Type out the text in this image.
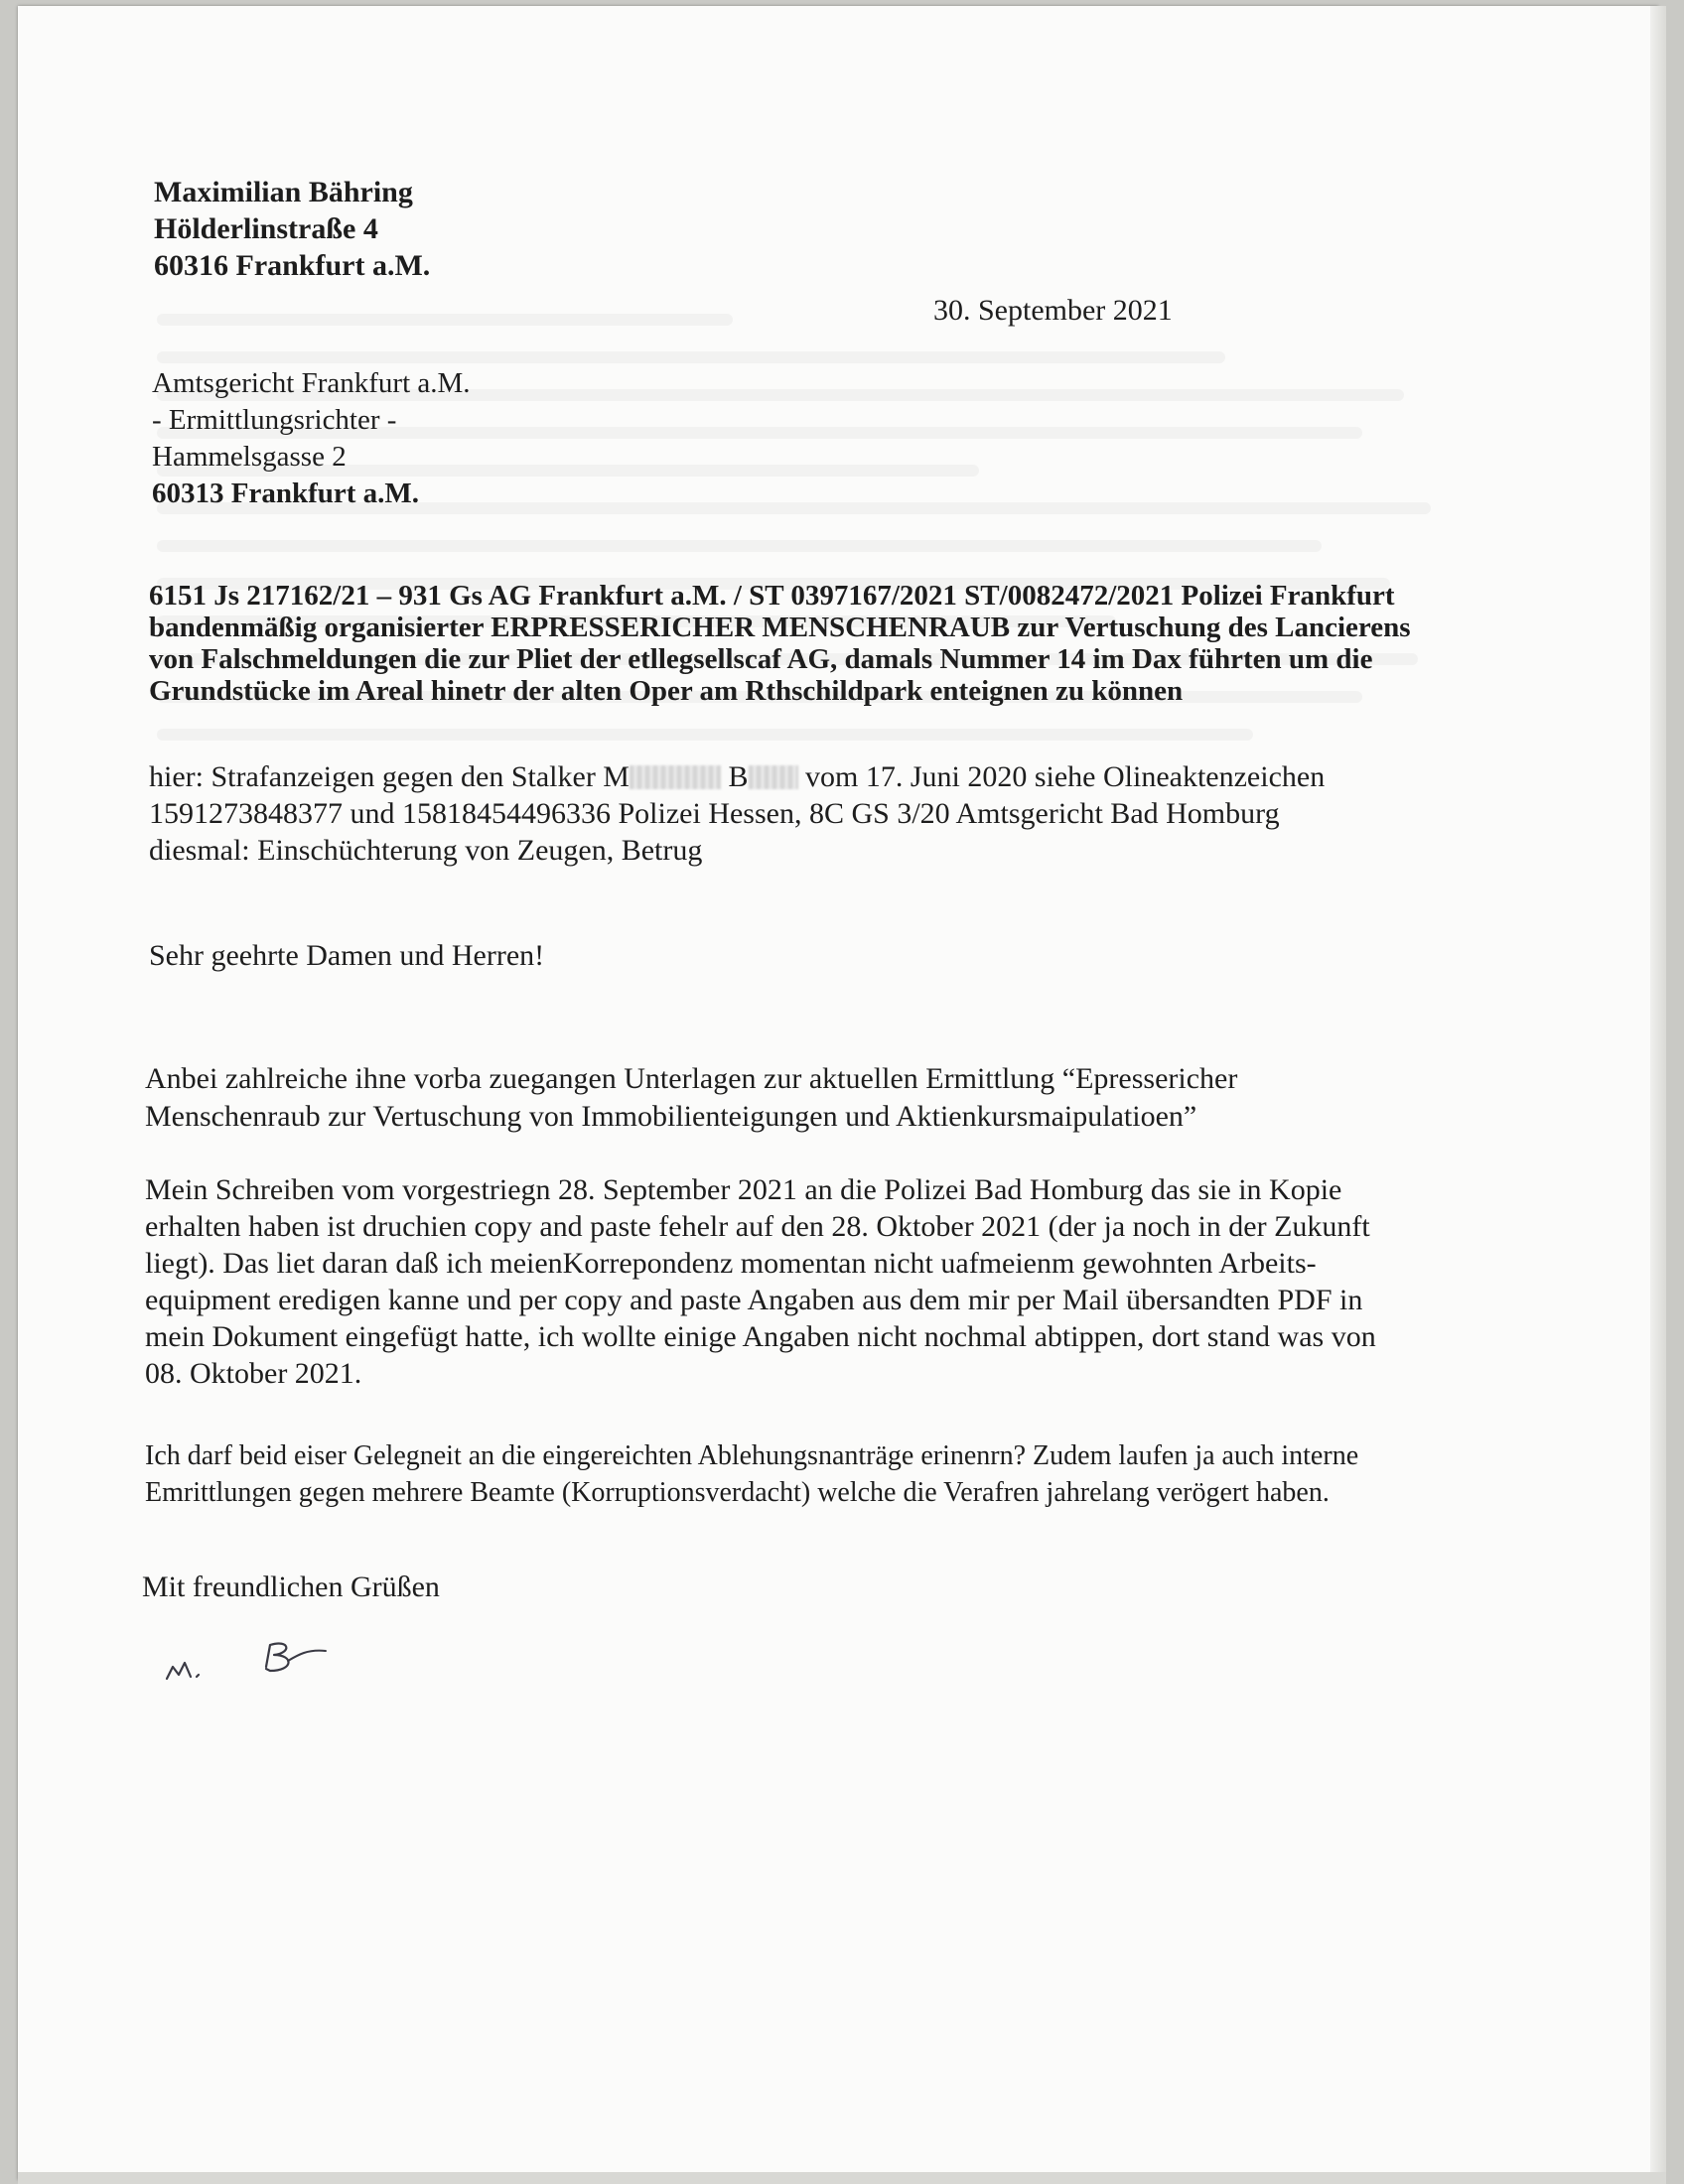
Maximilian Bähring
Hölderlinstraße 4
60316 Frankfurt a.M.
30. September 2021
Amtsgericht Frankfurt a.M.
- Ermittlungsrichter -
Hammelsgasse 2
60313 Frankfurt a.M.
6151 Js 217162/21 – 931 Gs AG Frankfurt a.M. / ST 0397167/2021 ST/0082472/2021 Polizei Frankfurt
bandenmäßig organisierter ERPRESSERICHER MENSCHENRAUB zur Vertuschung des Lancierens
von Falschmeldungen die zur Pliet der etllegsellscaf AG, damals Nummer 14 im Dax führten um die
Grundstücke im Areal hinetr der alten Oper am Rthschildpark enteignen zu können
hier: Strafanzeigen gegen den Stalker M	B vom 17. Juni 2020 siehe Olineaktenzeichen
1591273848377 und 15818454496336 Polizei Hessen, 8C GS 3/20 Amtsgericht Bad Homburg
diesmal: Einschüchterung von Zeugen, Betrug
Sehr geehrte Damen und Herren!
Anbei zahlreiche ihne vorba zuegangen Unterlagen zur aktuellen Ermittlung “Epressericher
Menschenraub zur Vertuschung von Immobilienteigungen und Aktienkursmaipulatioen”
Mein Schreiben vom vorgestriegn 28. September 2021 an die Polizei Bad Homburg das sie in Kopie
erhalten haben ist druchien copy and paste fehelr auf den 28. Oktober 2021 (der ja noch in der Zukunft
liegt). Das liet daran daß ich meienKorrepondenz momentan nicht uafmeienm gewohnten Arbeits-
equipment eredigen kanne und per copy and paste Angaben aus dem mir per Mail übersandten PDF in
mein Dokument eingefügt hatte, ich wollte einige Angaben nicht nochmal abtippen, dort stand was von
08. Oktober 2021.
Ich darf beid eiser Gelegneit an die eingereichten Ablehungsnanträge erinenrn? Zudem laufen ja auch interne
Emrittlungen gegen mehrere Beamte (Korruptionsverdacht) welche die Verafren jahrelang verögert haben.
Mit freundlichen Grüßen
